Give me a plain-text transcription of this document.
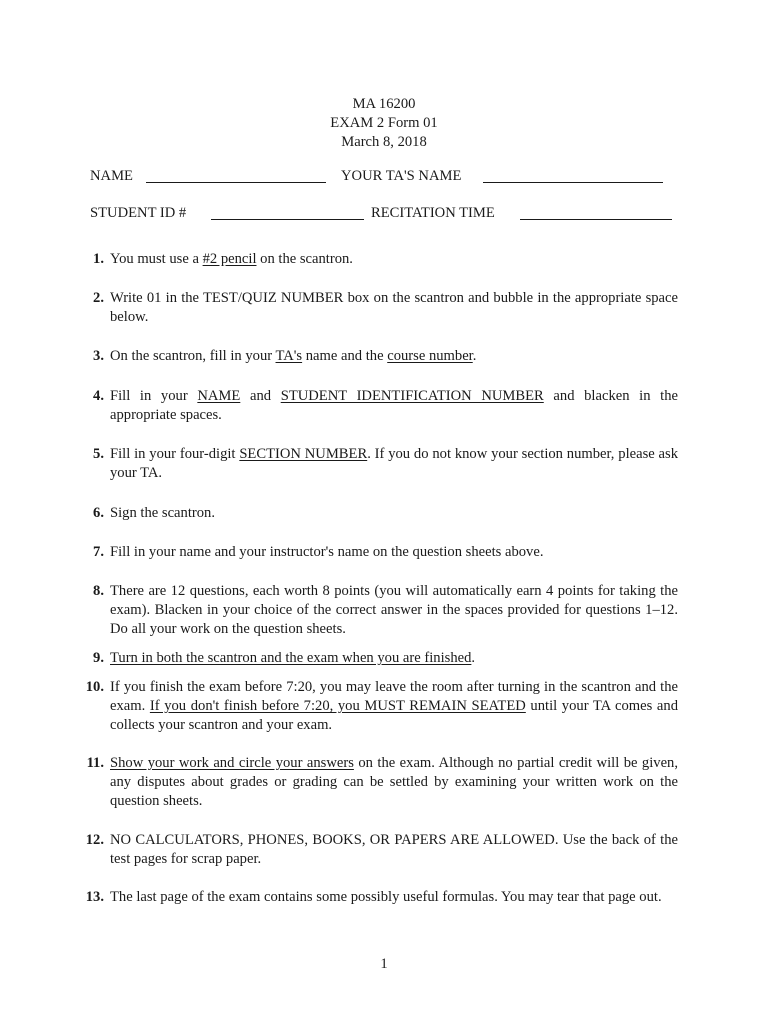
MA 16200
EXAM 2 Form 01
March 8, 2018
NAME	YOUR TA'S NAME
STUDENT ID #	RECITATION TIME
1. You must use a #2 pencil on the scantron.
2. Write 01 in the TEST/QUIZ NUMBER box on the scantron and bubble in the appropriate space below.
3. On the scantron, fill in your TA's name and the course number.
4. Fill in your NAME and STUDENT IDENTIFICATION NUMBER and blacken in the appropriate spaces.
5. Fill in your four-digit SECTION NUMBER. If you do not know your section number, please ask your TA.
6. Sign the scantron.
7. Fill in your name and your instructor's name on the question sheets above.
8. There are 12 questions, each worth 8 points (you will automatically earn 4 points for taking the exam). Blacken in your choice of the correct answer in the spaces provided for questions 1–12. Do all your work on the question sheets.
9. Turn in both the scantron and the exam when you are finished.
10. If you finish the exam before 7:20, you may leave the room after turning in the scantron and the exam. If you don't finish before 7:20, you MUST REMAIN SEATED until your TA comes and collects your scantron and your exam.
11. Show your work and circle your answers on the exam. Although no partial credit will be given, any disputes about grades or grading can be settled by examining your written work on the question sheets.
12. NO CALCULATORS, PHONES, BOOKS, OR PAPERS ARE ALLOWED. Use the back of the test pages for scrap paper.
13. The last page of the exam contains some possibly useful formulas. You may tear that page out.
1
